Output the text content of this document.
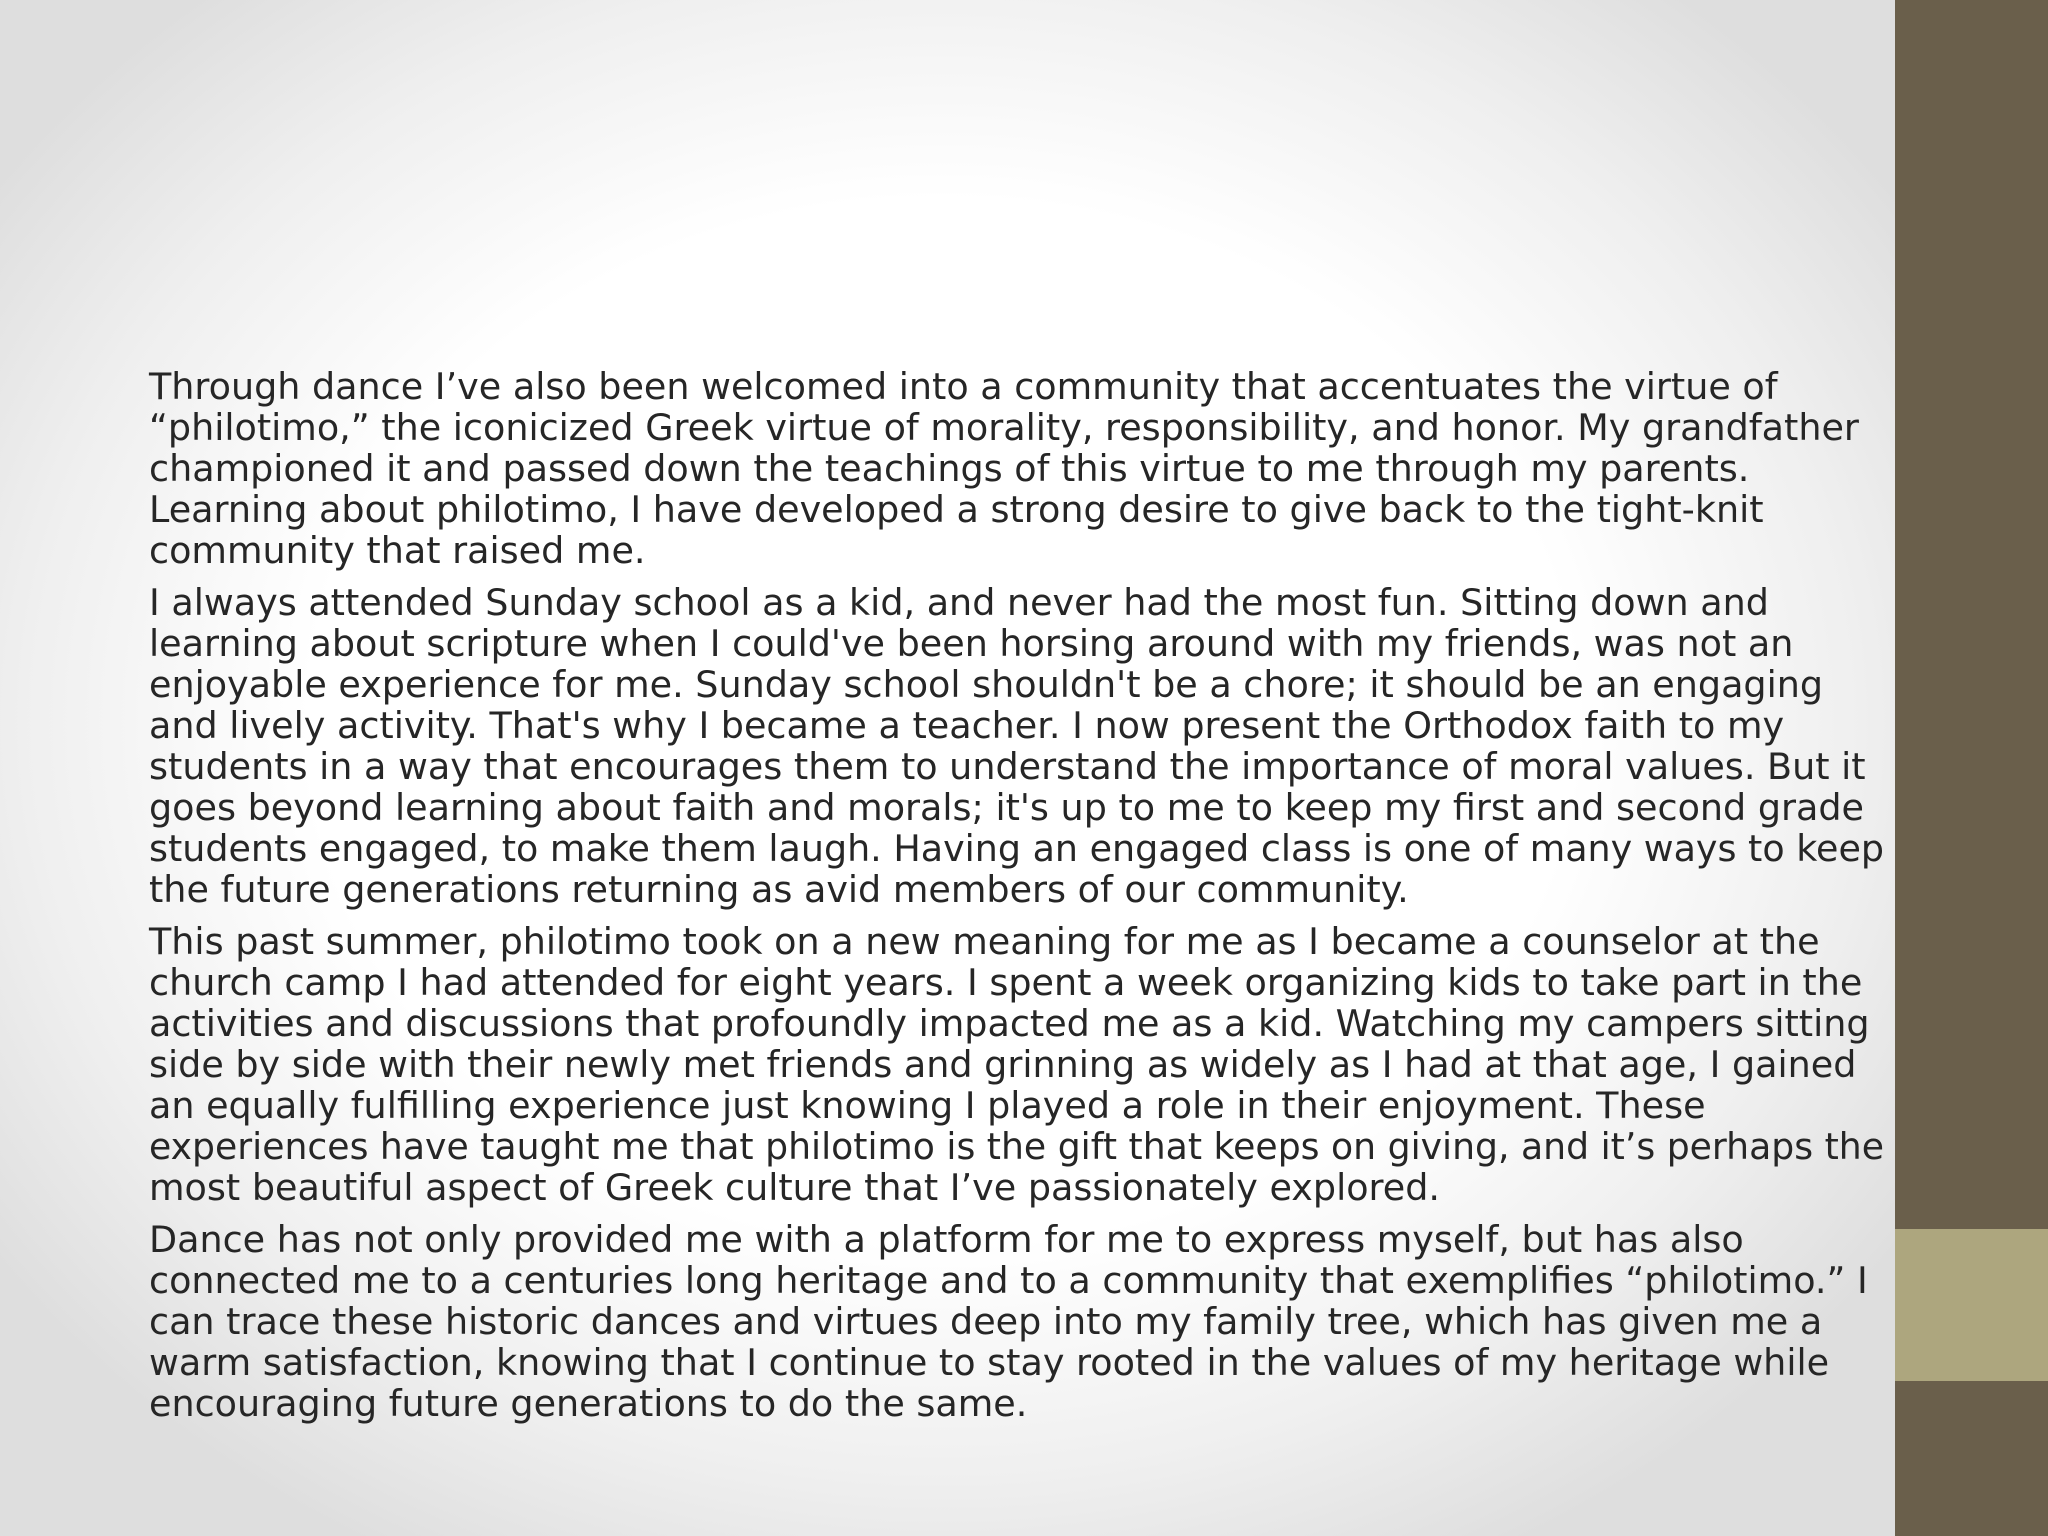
Through dance I’ve also been welcomed into a community that accentuates the virtue of
“philotimo,” the iconicized Greek virtue of morality, responsibility, and honor. My grandfather
championed it and passed down the teachings of this virtue to me through my parents.
Learning about philotimo, I have developed a strong desire to give back to the tight-knit
community that raised me.

I always attended Sunday school as a kid, and never had the most fun. Sitting down and
learning about scripture when I could've been horsing around with my friends, was not an
enjoyable experience for me. Sunday school shouldn't be a chore; it should be an engaging
and lively activity. That's why I became a teacher. I now present the Orthodox faith to my
students in a way that encourages them to understand the importance of moral values. But it
goes beyond learning about faith and morals; it's up to me to keep my first and second grade
students engaged, to make them laugh. Having an engaged class is one of many ways to keep
the future generations returning as avid members of our community.

This past summer, philotimo took on a new meaning for me as I became a counselor at the
church camp I had attended for eight years. I spent a week organizing kids to take part in the
activities and discussions that profoundly impacted me as a kid. Watching my campers sitting
side by side with their newly met friends and grinning as widely as I had at that age, I gained
an equally fulfilling experience just knowing I played a role in their enjoyment. These
experiences have taught me that philotimo is the gift that keeps on giving, and it’s perhaps the
most beautiful aspect of Greek culture that I’ve passionately explored.

Dance has not only provided me with a platform for me to express myself, but has also
connected me to a centuries long heritage and to a community that exemplifies “philotimo.” I
can trace these historic dances and virtues deep into my family tree, which has given me a
warm satisfaction, knowing that I continue to stay rooted in the values of my heritage while
encouraging future generations to do the same.
